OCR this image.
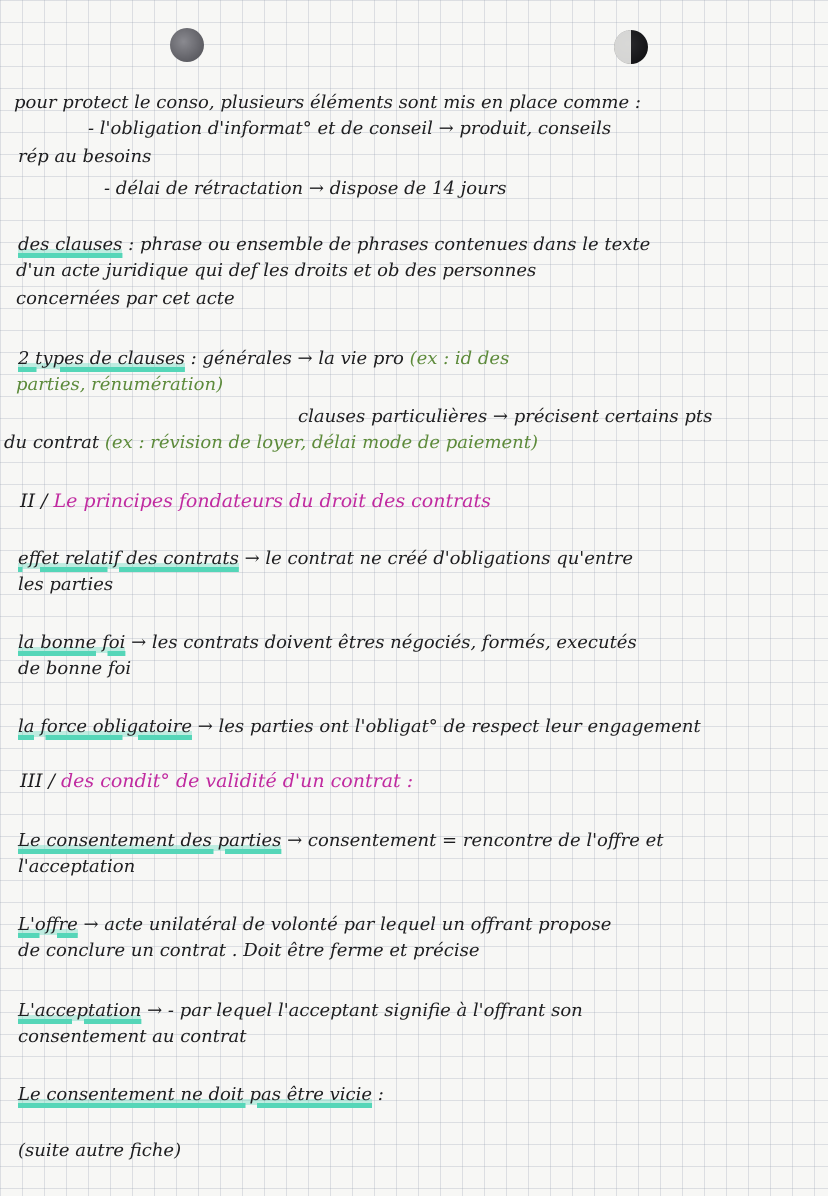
pour protect le conso, plusieurs éléments sont mis en place comme :
- l'obligation d'informat° et de conseil → produit, conseils
rép au besoins
- délai de rétractation → dispose de 14 jours
des clauses : phrase ou ensemble de phrases contenues dans le texte
d'un acte juridique qui def les droits et ob des personnes
concernées par cet acte
2 types de clauses : générales → la vie pro (ex : id des
parties, rénumération)
clauses particulières → précisent certains pts
du contrat (ex : révision de loyer, délai mode de paiement)
II / Le principes fondateurs du droit des contrats
effet relatif des contrats → le contrat ne créé d'obligations qu'entre
les parties
la bonne foi → les contrats doivent êtres négociés, formés, executés
de bonne foi
la force obligatoire → les parties ont l'obligat° de respect leur engagement
III / des condit° de validité d'un contrat :
Le consentement des parties → consentement = rencontre de l'offre et
l'acceptation
L'offre → acte unilatéral de volonté par lequel un offrant propose
de conclure un contrat . Doit être ferme et précise
L'acceptation → - par lequel l'acceptant signifie à l'offrant son
consentement au contrat
Le consentement ne doit pas être vicie :
(suite autre fiche)
